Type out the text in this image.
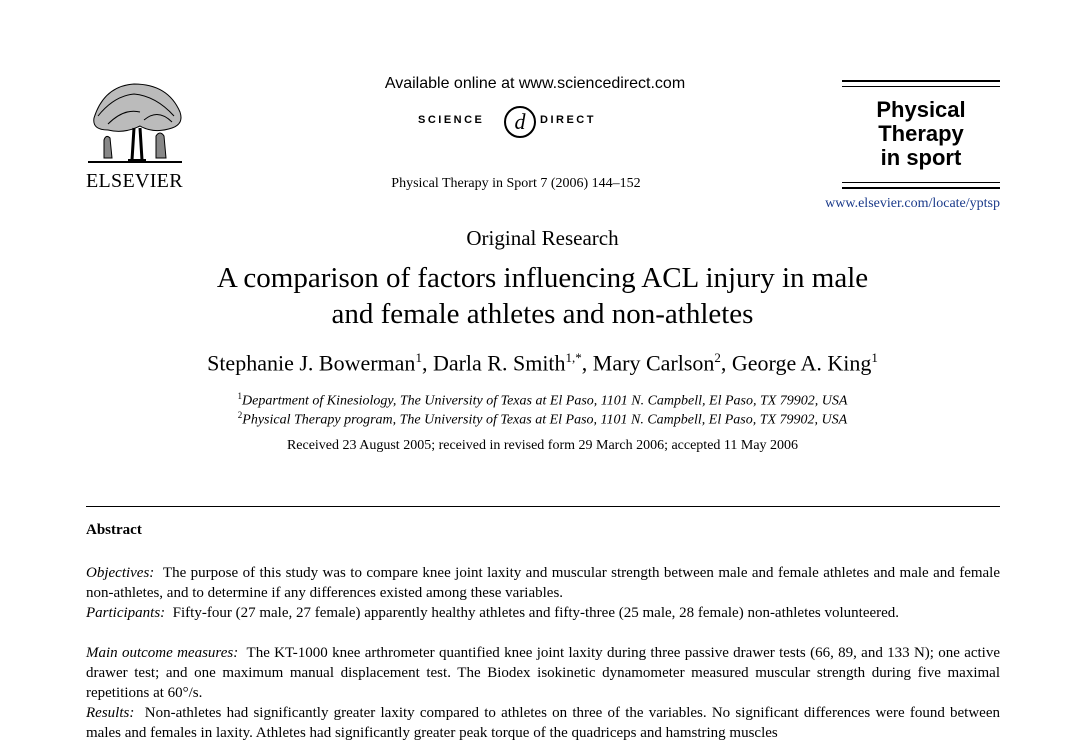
ELSEVIER
Available online at www.sciencedirect.com
SCIENCE d DIRECT
Physical Therapy in Sport 7 (2006) 144–152
Physical
Therapy
in sport
www.elsevier.com/locate/yptsp
Original Research
A comparison of factors influencing ACL injury in male
and female athletes and non-athletes
Stephanie J. Bowerman$^1$, Darla R. Smith$^{1,*}$, Mary Carlson$^2$, George A. King$^1$
$^1$Department of Kinesiology, The University of Texas at El Paso, 1101 N. Campbell, El Paso, TX 79902, USA
$^2$Physical Therapy program, The University of Texas at El Paso, 1101 N. Campbell, El Paso, TX 79902, USA
Received 23 August 2005; received in revised form 29 March 2006; accepted 11 May 2006
Abstract
Objectives: The purpose of this study was to compare knee joint laxity and muscular strength between male and female athletes and male and female non-athletes, and to determine if any differences existed among these variables.
Participants: Fifty-four (27 male, 27 female) apparently healthy athletes and fifty-three (25 male, 28 female) non-athletes volunteered.
Main outcome measures: The KT-1000 knee arthrometer quantified knee joint laxity during three passive drawer tests (66, 89, and 133 N); one active drawer test; and one maximum manual displacement test. The Biodex isokinetic dynamometer measured muscular strength during five maximal repetitions at 60°/s.
Results: Non-athletes had significantly greater laxity compared to athletes on three of the variables. No significant differences were found between males and females in laxity. Athletes had significantly greater peak torque of the quadriceps and hamstring muscles
